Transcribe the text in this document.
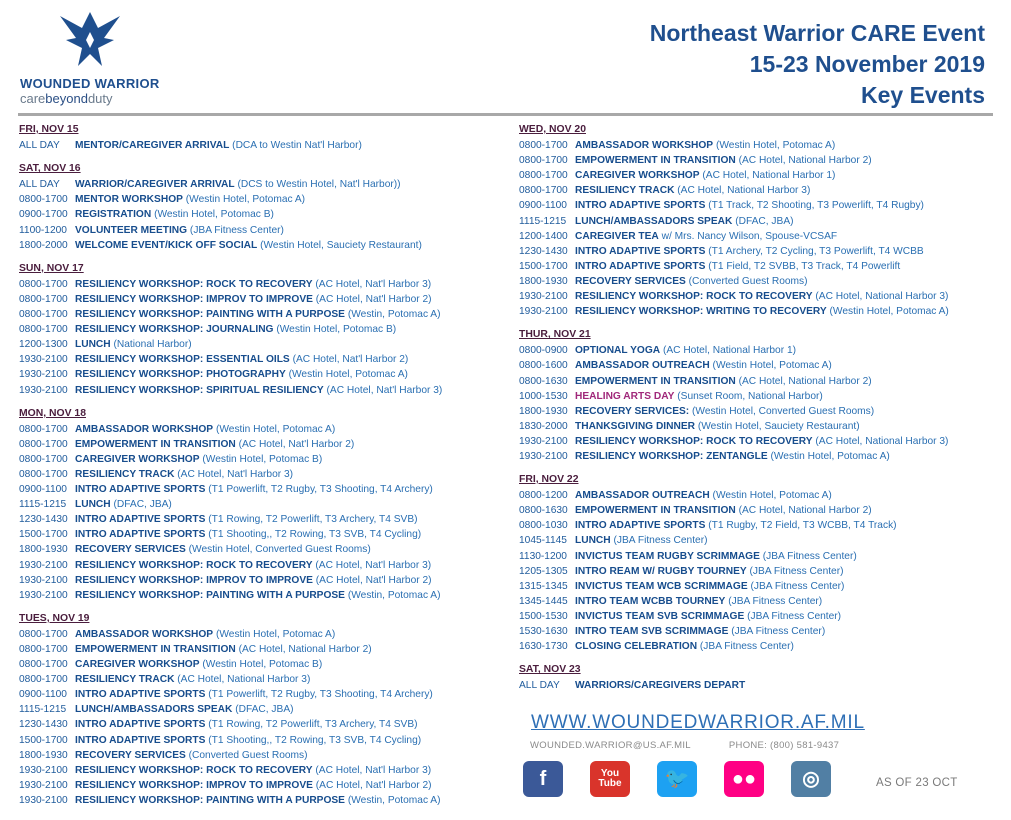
WOUNDED WARRIOR
carebeyondduty
Northeast Warrior CARE Event
15-23 November 2019
Key Events
FRI, NOV 15
ALL DAY MENTOR/CAREGIVER ARRIVAL (DCA to Westin Nat'l Harbor)
SAT, NOV 16
ALL DAY WARRIOR/CAREGIVER ARRIVAL (DCS to Westin Hotel, Nat'l Harbor))
0800-1700 MENTOR WORKSHOP (Westin Hotel, Potomac A)
0900-1700 REGISTRATION (Westin Hotel, Potomac B)
1100-1200 VOLUNTEER MEETING (JBA Fitness Center)
1800-2000 WELCOME EVENT/KICK OFF SOCIAL (Westin Hotel, Sauciety Restaurant)
SUN, NOV 17
0800-1700 RESILIENCY WORKSHOP: ROCK TO RECOVERY (AC Hotel, Nat'l Harbor 3)
0800-1700 RESILIENCY WORKSHOP: IMPROV TO IMPROVE (AC Hotel, Nat'l Harbor 2)
0800-1700 RESILIENCY WORKSHOP: PAINTING WITH A PURPOSE (Westin, Potomac A)
0800-1700 RESILIENCY WORKSHOP: JOURNALING (Westin Hotel, Potomac B)
1200-1300 LUNCH (National Harbor)
1930-2100 RESILIENCY WORKSHOP: ESSENTIAL OILS (AC Hotel, Nat'l Harbor 2)
1930-2100 RESILIENCY WORKSHOP: PHOTOGRAPHY (Westin Hotel, Potomac A)
1930-2100 RESILIENCY WORKSHOP: SPIRITUAL RESILIENCY (AC Hotel, Nat'l Harbor 3)
MON, NOV 18
0800-1700 AMBASSADOR WORKSHOP (Westin Hotel, Potomac A)
0800-1700 EMPOWERMENT IN TRANSITION (AC Hotel, Nat'l Harbor 2)
0800-1700 CAREGIVER WORKSHOP (Westin Hotel, Potomac B)
0800-1700 RESILIENCY TRACK (AC Hotel, Nat'l Harbor 3)
0900-1100 INTRO ADAPTIVE SPORTS (T1 Powerlift, T2 Rugby, T3 Shooting, T4 Archery)
1115-1215 LUNCH (DFAC, JBA)
1230-1430 INTRO ADAPTIVE SPORTS (T1 Rowing, T2 Powerlift, T3 Archery, T4 SVB)
1500-1700 INTRO ADAPTIVE SPORTS (T1 Shooting,, T2 Rowing, T3 SVB, T4 Cycling)
1800-1930 RECOVERY SERVICES (Westin Hotel, Converted Guest Rooms)
1930-2100 RESILIENCY WORKSHOP: ROCK TO RECOVERY (AC Hotel, Nat'l Harbor 3)
1930-2100 RESILIENCY WORKSHOP: IMPROV TO IMPROVE (AC Hotel, Nat'l Harbor 2)
1930-2100 RESILIENCY WORKSHOP: PAINTING WITH A PURPOSE (Westin, Potomac A)
TUES, NOV 19
0800-1700 AMBASSADOR WORKSHOP (Westin Hotel, Potomac A)
0800-1700 EMPOWERMENT IN TRANSITION (AC Hotel, National Harbor 2)
0800-1700 CAREGIVER WORKSHOP (Westin Hotel, Potomac B)
0800-1700 RESILIENCY TRACK (AC Hotel, National Harbor 3)
0900-1100 INTRO ADAPTIVE SPORTS (T1 Powerlift, T2 Rugby, T3 Shooting, T4 Archery)
1115-1215 LUNCH/AMBASSADORS SPEAK (DFAC, JBA)
1230-1430 INTRO ADAPTIVE SPORTS (T1 Rowing, T2 Powerlift, T3 Archery, T4 SVB)
1500-1700 INTRO ADAPTIVE SPORTS (T1 Shooting,, T2 Rowing, T3 SVB, T4 Cycling)
1800-1930 RECOVERY SERVICES (Converted Guest Rooms)
1930-2100 RESILIENCY WORKSHOP: ROCK TO RECOVERY (AC Hotel, Nat'l Harbor 3)
1930-2100 RESILIENCY WORKSHOP: IMPROV TO IMPROVE (AC Hotel, Nat'l Harbor 2)
1930-2100 RESILIENCY WORKSHOP: PAINTING WITH A PURPOSE (Westin, Potomac A)
WED, NOV 20
0800-1700 AMBASSADOR WORKSHOP (Westin Hotel, Potomac A)
0800-1700 EMPOWERMENT IN TRANSITION (AC Hotel, National Harbor 2)
0800-1700 CAREGIVER WORKSHOP (AC Hotel, National Harbor 1)
0800-1700 RESILIENCY TRACK (AC Hotel, National Harbor 3)
0900-1100 INTRO ADAPTIVE SPORTS (T1 Track, T2 Shooting, T3 Powerlift, T4 Rugby)
1115-1215 LUNCH/AMBASSADORS SPEAK (DFAC, JBA)
1200-1400 CAREGIVER TEA w/ Mrs. Nancy Wilson, Spouse-VCSAF
1230-1430 INTRO ADAPTIVE SPORTS (T1 Archery, T2 Cycling, T3 Powerlift, T4 WCBB
1500-1700 INTRO ADAPTIVE SPORTS (T1 Field, T2 SVBB, T3 Track, T4 Powerlift
1800-1930 RECOVERY SERVICES (Converted Guest Rooms)
1930-2100 RESILIENCY WORKSHOP: ROCK TO RECOVERY (AC Hotel, National Harbor 3)
1930-2100 RESILIENCY WORKSHOP: WRITING TO RECOVERY (Westin Hotel, Potomac A)
THUR, NOV 21
0800-0900 OPTIONAL YOGA (AC Hotel, National Harbor 1)
0800-1600 AMBASSADOR OUTREACH (Westin Hotel, Potomac A)
0800-1630 EMPOWERMENT IN TRANSITION (AC Hotel, National Harbor 2)
1000-1530 HEALING ARTS DAY (Sunset Room, National Harbor)
1800-1930 RECOVERY SERVICES: (Westin Hotel, Converted Guest Rooms)
1830-2000 THANKSGIVING DINNER (Westin Hotel, Sauciety Restaurant)
1930-2100 RESILIENCY WORKSHOP: ROCK TO RECOVERY (AC Hotel, National Harbor 3)
1930-2100 RESILIENCY WORKSHOP: ZENTANGLE (Westin Hotel, Potomac A)
FRI, NOV 22
0800-1200 AMBASSADOR OUTREACH (Westin Hotel, Potomac A)
0800-1630 EMPOWERMENT IN TRANSITION (AC Hotel, National Harbor 2)
0800-1030 INTRO ADAPTIVE SPORTS (T1 Rugby, T2 Field, T3 WCBB, T4 Track)
1045-1145 LUNCH (JBA Fitness Center)
1130-1200 INVICTUS TEAM RUGBY SCRIMMAGE (JBA Fitness Center)
1205-1305 INTRO REAM W/ RUGBY TOURNEY (JBA Fitness Center)
1315-1345 INVICTUS TEAM WCB SCRIMMAGE (JBA Fitness Center)
1345-1445 INTRO TEAM WCBB TOURNEY (JBA Fitness Center)
1500-1530 INVICTUS TEAM SVB SCRIMMAGE (JBA Fitness Center)
1530-1630 INTRO TEAM SVB SCRIMMAGE (JBA Fitness Center)
1630-1730 CLOSING CELEBRATION (JBA Fitness Center)
SAT, NOV 23
ALL DAY WARRIORS/CAREGIVERS DEPART
WWW.WOUNDEDWARRIOR.AF.MIL
WOUNDED.WARRIOR@US.AF.MIL	PHONE: (800) 581-9437
f	You Tube	🐦	●●	◎	AS OF 23 OCT
